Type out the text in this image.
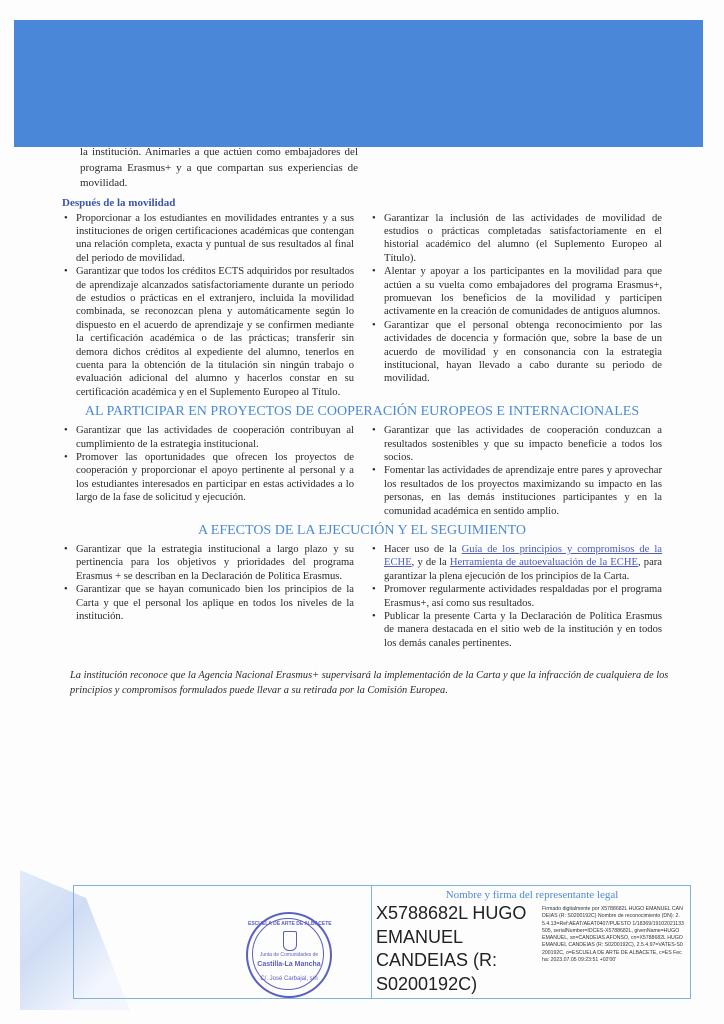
la institución. Animarles a que actúen como embajadores del programa Erasmus+ y a que compartan sus experiencias de movilidad.

Después de la movilidad
• Proporcionar a los estudiantes en movilidades entrantes y a sus instituciones de origen certificaciones académicas que contengan una relación completa, exacta y puntual de sus resultados al final del periodo de movilidad.
• Garantizar que todos los créditos ECTS adquiridos por resultados de aprendizaje alcanzados satisfactoriamente durante un periodo de estudios o prácticas en el extranjero, incluida la movilidad combinada, se reconozcan plena y automáticamente según lo dispuesto en el acuerdo de aprendizaje y se confirmen mediante la certificación académica o de las prácticas; transferir sin demora dichos créditos al expediente del alumno, tenerlos en cuenta para la obtención de la titulación sin ningún trabajo o evaluación adicional del alumno y hacerlos constar en su certificación académica y en el Suplemento Europeo al Título.
• Garantizar la inclusión de las actividades de movilidad de estudios o prácticas completadas satisfactoriamente en el historial académico del alumno (el Suplemento Europeo al Título).
• Alentar y apoyar a los participantes en la movilidad para que actúen a su vuelta como embajadores del programa Erasmus+, promuevan los beneficios de la movilidad y participen activamente en la creación de comunidades de antiguos alumnos.
• Garantizar que el personal obtenga reconocimiento por las actividades de docencia y formación que, sobre la base de un acuerdo de movilidad y en consonancia con la estrategia institucional, hayan llevado a cabo durante su periodo de movilidad.
AL PARTICIPAR EN PROYECTOS DE COOPERACIÓN EUROPEOS E INTERNACIONALES
• Garantizar que las actividades de cooperación contribuyan al cumplimiento de la estrategia institucional.
• Promover las oportunidades que ofrecen los proyectos de cooperación y proporcionar el apoyo pertinente al personal y a los estudiantes interesados en participar en estas actividades a lo largo de la fase de solicitud y ejecución.
• Garantizar que las actividades de cooperación conduzcan a resultados sostenibles y que su impacto beneficie a todos los socios.
• Fomentar las actividades de aprendizaje entre pares y aprovechar los resultados de los proyectos maximizando su impacto en las personas, en las demás instituciones participantes y en la comunidad académica en sentido amplio.
A EFECTOS DE LA EJECUCIÓN Y EL SEGUIMIENTO
• Garantizar que la estrategia institucional a largo plazo y su pertinencia para los objetivos y prioridades del programa Erasmus + se describan en la Declaración de Política Erasmus.
• Garantizar que se hayan comunicado bien los principios de la Carta y que el personal los aplique en todos los niveles de la institución.
• Hacer uso de la Guía de los principios y compromisos de la ECHE, y de la Herramienta de autoevaluación de la ECHE, para garantizar la plena ejecución de los principios de la Carta.
• Promover regularmente actividades respaldadas por el programa Erasmus+, así como sus resultados.
• Publicar la presente Carta y la Declaración de Política Erasmus de manera destacada en el sitio web de la institución y en todos los demás canales pertinentes.
La institución reconoce que la Agencia Nacional Erasmus+ supervisará la implementación de la Carta y que la infracción de cualquiera de los principios y compromisos formulados puede llevar a su retirada por la Comisión Europea.
ESCUELA DE ARTE DE ALBACETE
Junta de Comunidades de
Castilla-La Mancha
C/. José Carbajal, s/n
Nombre y firma del representante legal
X5788682L HUGO EMANUEL CANDEIAS (R: S0200192C)
Firmado digitalmente por X5788682L HUGO EMANUEL CANDEIAS (R: S0200192C) Nombre de reconocimiento (DN): 2.5.4.13=Ref:AEAT/AEAT0407/PUESTO 1/18369/19102021133505, serialNumber=IDCES-X5788682L, givenName=HUGO EMANUEL, sn=CANDEIAS AFONSO, cn=X5788682L HUGO EMANUEL CANDEIAS (R: S0200192C), 2.5.4.97=VATES-S0200192C, o=ESCUELA DE ARTE DE ALBACETE, c=ES Fecha: 2023.07.05 09:23:51 +02'00'
